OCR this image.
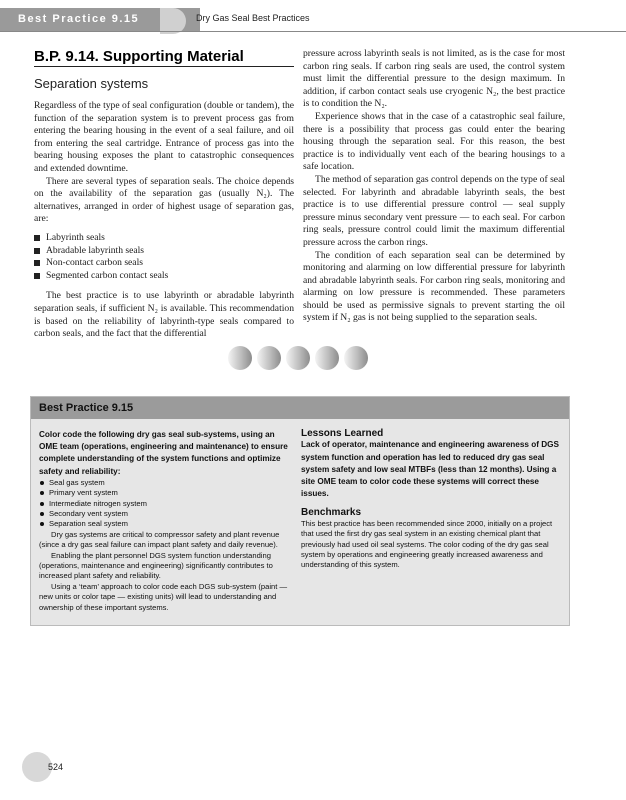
Best Practice 9.15	Dry Gas Seal Best Practices
B.P. 9.14. Supporting Material
Separation systems

Regardless of the type of seal configuration (double or tandem), the function of the separation system is to prevent process gas from entering the bearing housing in the event of a seal failure, and oil from entering the seal cartridge. Entrance of process gas into the bearing housing exposes the plant to catastrophic consequences and extended downtime.

There are several types of separation seals. The choice depends on the availability of the separation gas (usually N₂). The alternatives, arranged in order of highest usage of separation gas, are:

Labyrinth seals
Abradable labyrinth seals
Non-contact carbon seals
Segmented carbon contact seals

The best practice is to use labyrinth or abradable labyrinth separation seals, if sufficient N₂ is available. This recommendation is based on the reliability of labyrinth-type seals compared to carbon seals, and the fact that the differential

pressure across labyrinth seals is not limited, as is the case for most carbon ring seals. If carbon ring seals are used, the control system must limit the differential pressure to the design maximum. In addition, if carbon contact seals use cryogenic N₂, the best practice is to condition the N₂.

Experience shows that in the case of a catastrophic seal failure, there is a possibility that process gas could enter the bearing housing through the separation seal. For this reason, the best practice is to individually vent each of the bearing housings to a safe location.

The method of separation gas control depends on the type of seal selected. For labyrinth and abradable labyrinth seals, the best practice is to use differential pressure control — seal supply pressure minus secondary vent pressure — to each seal. For carbon ring seals, pressure control could limit the maximum differential pressure across the carbon rings.

The condition of each separation seal can be determined by monitoring and alarming on low differential pressure for labyrinth and abradable labyrinth seals. For carbon ring seals, monitoring and alarming on low pressure is recommended. These parameters should be used as permissive signals to prevent starting the oil system if N₂ gas is not being supplied to the separation seals.

Best Practice 9.15

Color code the following dry gas seal sub-systems, using an OME team (operations, engineering and maintenance) to ensure complete understanding of the system functions and optimize safety and reliability:

Seal gas system
Primary vent system
Intermediate nitrogen system
Secondary vent system
Separation seal system

Dry gas systems are critical to compressor safety and plant revenue (since a dry gas seal failure can impact plant safety and daily revenue).

Enabling the plant personnel DGS system function understanding (operations, maintenance and engineering) significantly contributes to increased plant safety and reliability.

Using a ‘team’ approach to color code each DGS sub-system (paint — new units or color tape — existing units) will lead to understanding and ownership of these important systems.

Lessons Learned

Lack of operator, maintenance and engineering awareness of DGS system function and operation has led to reduced dry gas seal system safety and low seal MTBFs (less than 12 months). Using a site OME team to color code these systems will correct these issues.

Benchmarks

This best practice has been recommended since 2000, initially on a project that used the first dry gas seal system in an existing chemical plant that previously had used oil seal systems. The color coding of the dry gas seal system by operations and engineering greatly increased awareness and understanding of this system.

524
